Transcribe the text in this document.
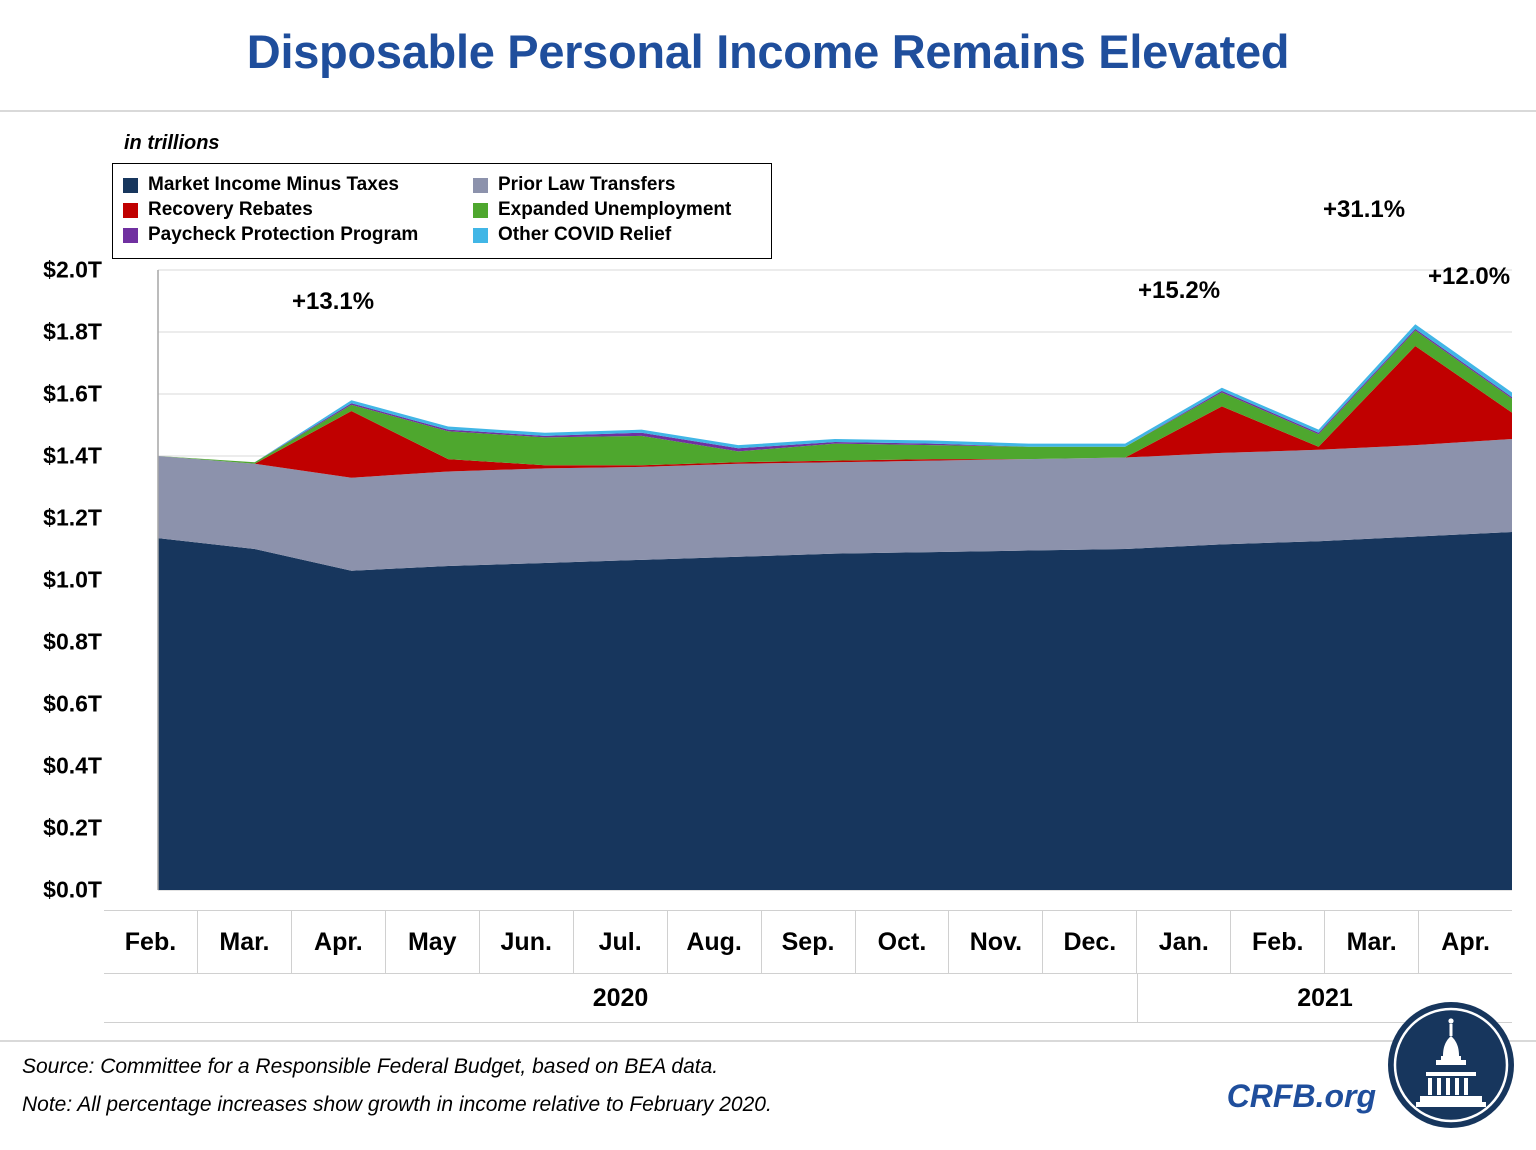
Disposable Personal Income Remains Elevated
in trillions
$0.0T
$0.2T
$0.4T
$0.6T
$0.8T
$1.0T
$1.2T
$1.4T
$1.6T
$1.8T
$2.0T
Market Income Minus Taxes	Prior Law Transfers
Recovery Rebates	Expanded Unemployment
Paycheck Protection Program	Other COVID Relief
+13.1%	+15.2%
+31.1%
+12.0%
Feb.	Mar.	Apr.	May	Jun.	Jul.	Aug.	Sep.	Oct.	Nov.	Dec.	Jan.	Feb.	Mar.	Apr.
2020	2021
Source: Committee for a Responsible Federal Budget, based on BEA data.
Note: All percentage increases show growth in income relative to February 2020.	CRFB.org
